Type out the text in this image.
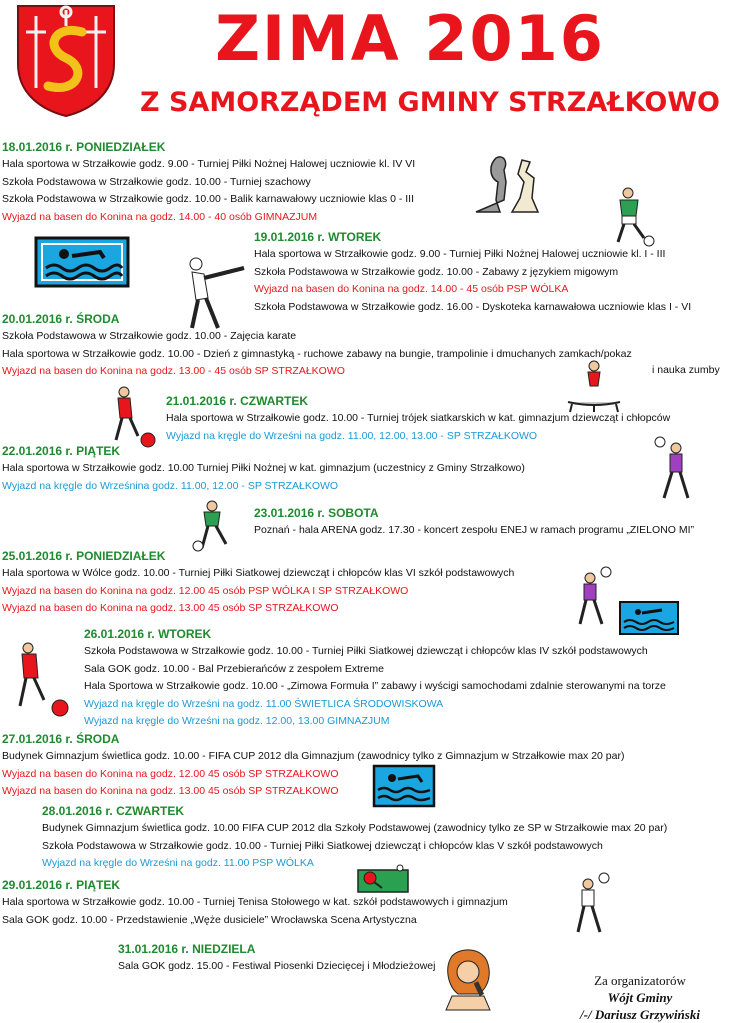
ZIMA 2016
Z SAMORZĄDEM GMINY STRZAŁKOWO
18.01.2016 r. PONIEDZIAŁEK
Hala sportowa w Strzałkowie godz. 9.00 - Turniej Piłki Nożnej Halowej uczniowie kl. IV VI
Szkoła Podstawowa w Strzałkowie godz. 10.00 - Turniej szachowy
Szkoła Podstawowa w Strzałkowie godz. 10.00 - Balik karnawałowy uczniowie klas 0 - III
Wyjazd na basen do Konina na godz. 14.00 - 40 osób GIMNAZJUM
19.01.2016 r. WTOREK
Hala sportowa w Strzałkowie godz. 9.00 - Turniej Piłki Nożnej Halowej uczniowie kl. I - III
Szkoła Podstawowa w Strzałkowie godz. 10.00 - Zabawy z językiem migowym
Wyjazd na basen do Konina na godz. 14.00 - 45 osób PSP WÓLKA
Szkoła Podstawowa w Strzałkowie godz. 16.00 - Dyskoteka karnawałowa uczniowie klas I - VI
20.01.2016 r. ŚRODA
Szkoła Podstawowa w Strzałkowie godz. 10.00 - Zajęcia karate
Hala sportowa w Strzałkowie godz. 10.00 - Dzień z gimnastyką - ruchowe zabawy na bungie, trampolinie i dmuchanych zamkach/pokaz
Wyjazd na basen do Konina na godz. 13.00 - 45 osób SP STRZAŁKOWO	i nauka zumby
21.01.2016 r. CZWARTEK
Hala sportowa w Strzałkowie godz. 10.00 - Turniej trójek siatkarskich w kat. gimnazjum dziewcząt i chłopców
Wyjazd na kręgle do Wrześni na godz. 11.00, 12.00, 13.00 - SP STRZAŁKOWO
22.01.2016 r. PIĄTEK
Hala sportowa w Strzałkowie godz. 10.00 Turniej Piłki Nożnej w kat. gimnazjum (uczestnicy z Gminy Strzałkowo)
Wyjazd na kręgle do Wrześnina godz. 11.00, 12.00 - SP STRZAŁKOWO
23.01.2016 r. SOBOTA
Poznań - hala ARENA godz. 17.30 - koncert zespołu ENEJ w ramach programu „ZIELONO MI”
25.01.2016 r. PONIEDZIAŁEK
Hala sportowa w Wólce godz. 10.00 - Turniej Piłki Siatkowej dziewcząt i chłopców klas VI szkół podstawowych
Wyjazd na basen do Konina na godz. 12.00 45 osób PSP WÓLKA I SP STRZAŁKOWO
Wyjazd na basen do Konina na godz. 13.00 45 osób SP STRZAŁKOWO
26.01.2016 r. WTOREK
Szkoła Podstawowa w Strzałkowie godz. 10.00 - Turniej Piłki Siatkowej dziewcząt i chłopców klas IV szkół podstawowych
Sala GOK godz. 10.00 - Bal Przebierańców z zespołem Extreme
Hala Sportowa w Strzałkowie godz. 10.00 - „Zimowa Formuła I” zabawy i wyścigi samochodami zdalnie sterowanymi na torze
Wyjazd na kręgle do Wrześni na godz. 11.00 ŚWIETLICA ŚRODOWISKOWA
Wyjazd na kręgle do Wrześni na godz. 12.00, 13.00 GIMNAZJUM
27.01.2016 r. ŚRODA
Budynek Gimnazjum świetlica godz. 10.00 - FIFA CUP 2012 dla Gimnazjum (zawodnicy tylko z Gimnazjum w Strzałkowie max 20 par)
Wyjazd na basen do Konina na godz. 12.00 45 osób SP STRZAŁKOWO
Wyjazd na basen do Konina na godz. 13.00 45 osób SP STRZAŁKOWO
28.01.2016 r. CZWARTEK
Budynek Gimnazjum świetlica godz. 10.00 FIFA CUP 2012 dla Szkoły Podstawowej (zawodnicy tylko ze SP w Strzałkowie max 20 par)
Szkoła Podstawowa w Strzałkowie godz. 10.00 - Turniej Piłki Siatkowej dziewcząt i chłopców klas V szkół podstawowych
Wyjazd na kręgle do Wrześni na godz. 11.00 PSP WÓLKA
29.01.2016 r. PIĄTEK
Hala sportowa w Strzałkowie godz. 10.00 - Turniej Tenisa Stołowego w kat. szkół podstawowych i gimnazjum
Sala GOK godz. 10.00 - Przedstawienie „Węże dusiciele” Wrocławska Scena Artystyczna
31.01.2016 r. NIEDZIELA
Sala GOK godz. 15.00 - Festiwal Piosenki Dziecięcej i Młodzieżowej
Za organizatorów
Wójt Gminy
/-/ Dariusz Grzywiński
